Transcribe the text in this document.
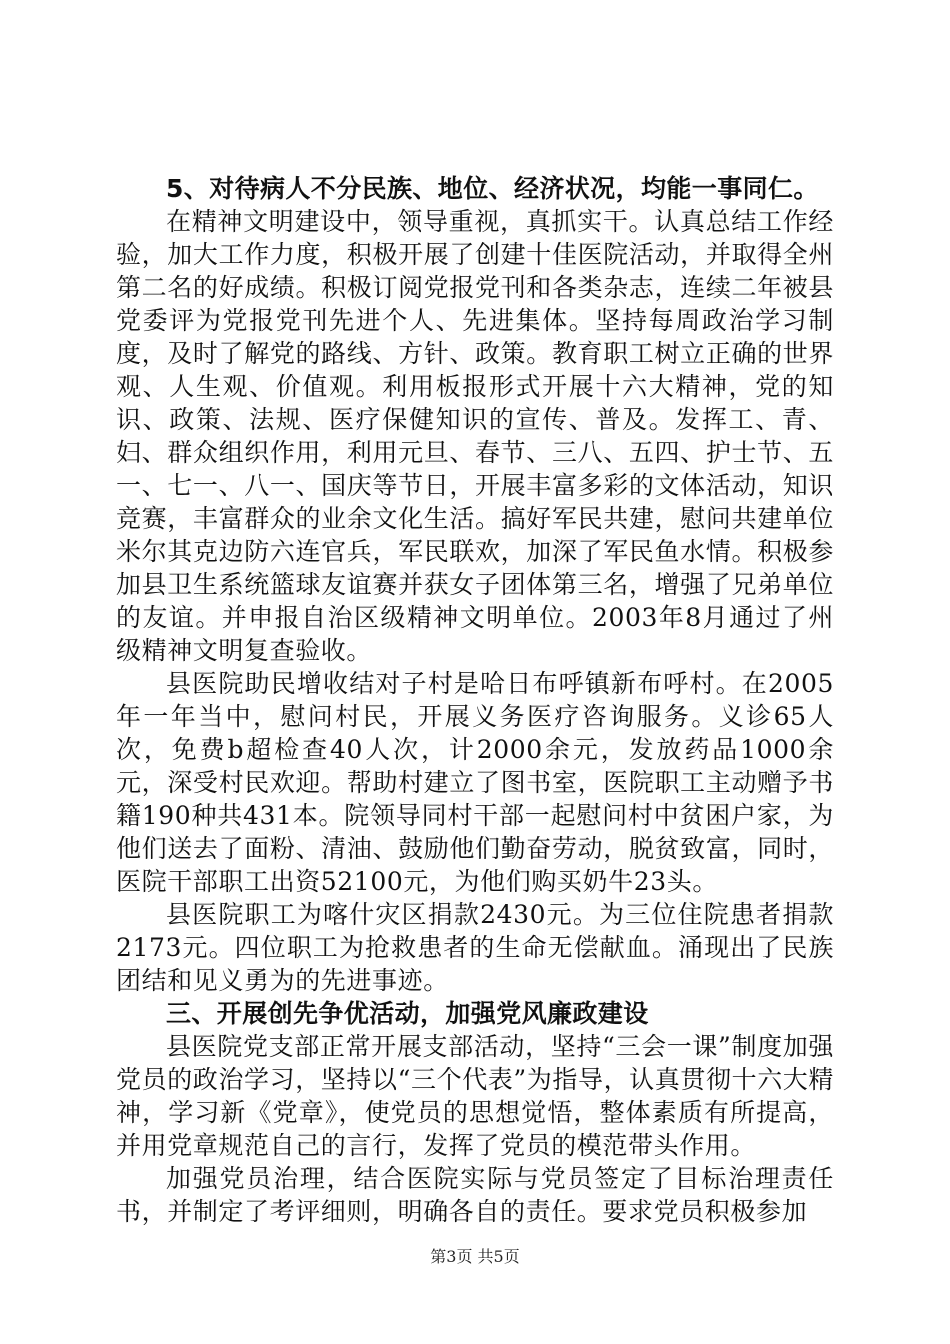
5、对待病人不分民族、地位、经济状况，均能一事同仁。

在精神文明建设中，领导重视，真抓实干。认真总结工作经验，加大工作力度，积极开展了创建十佳医院活动，并取得全州第二名的好成绩。积极订阅党报党刊和各类杂志，连续二年被县党委评为党报党刊先进个人、先进集体。坚持每周政治学习制度，及时了解党的路线、方针、政策。教育职工树立正确的世界观、人生观、价值观。利用板报形式开展十六大精神，党的知识、政策、法规、医疗保健知识的宣传、普及。发挥工、青、妇、群众组织作用，利用元旦、春节、三八、五四、护士节、五一、七一、八一、国庆等节日，开展丰富多彩的文体活动，知识竞赛，丰富群众的业余文化生活。搞好军民共建，慰问共建单位米尔其克边防六连官兵，军民联欢，加深了军民鱼水情。积极参加县卫生系统篮球友谊赛并获女子团体第三名，增强了兄弟单位的友谊。并申报自治区级精神文明单位。2003年8月通过了州级精神文明复查验收。

县医院助民增收结对子村是哈日布呼镇新布呼村。在2005年一年当中，慰问村民，开展义务医疗咨询服务。义诊65人次，免费b超检查40人次，计2000余元，发放药品1000余元，深受村民欢迎。帮助村建立了图书室，医院职工主动赠予书籍190种共431本。院领导同村干部一起慰问村中贫困户家，为他们送去了面粉、清油、鼓励他们勤奋劳动，脱贫致富，同时，医院干部职工出资52100元，为他们购买奶牛23头。

县医院职工为喀什灾区捐款2430元。为三位住院患者捐款2173元。四位职工为抢救患者的生命无偿献血。涌现出了民族团结和见义勇为的先进事迹。

三、开展创先争优活动，加强党风廉政建设

县医院党支部正常开展支部活动，坚持“三会一课”制度加强党员的政治学习，坚持以“三个代表”为指导，认真贯彻十六大精神，学习新《党章》，使党员的思想觉悟，整体素质有所提高，并用党章规范自己的言行，发挥了党员的模范带头作用。

加强党员治理，结合医院实际与党员签定了目标治理责任书，并制定了考评细则，明确各自的责任。要求党员积极参加

第3页 共5页
